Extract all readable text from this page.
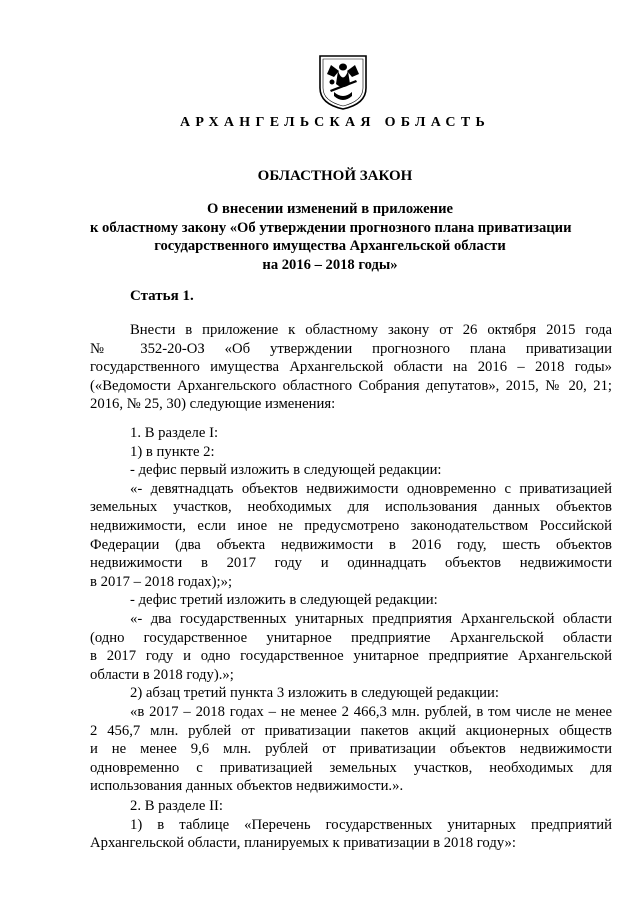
АРХАНГЕЛЬСКАЯ ОБЛАСТЬ
ОБЛАСТНОЙ ЗАКОН
О внесении изменений в приложение
к областному закону «Об утверждении прогнозного плана приватизации
государственного имущества Архангельской области
на 2016 – 2018 годы»
Статья 1.
Внести в приложение к областному закону от 26 октября 2015 года
№ 352-20-ОЗ «Об утверждении прогнозного плана приватизации
государственного имущества Архангельской области на 2016 – 2018 годы»
(«Ведомости Архангельского областного Собрания депутатов», 2015, № 20, 21;
2016, № 25, 30) следующие изменения:
1. В разделе I:
1) в пункте 2:
- дефис первый изложить в следующей редакции:
«- девятнадцать объектов недвижимости одновременно с приватизацией
земельных участков, необходимых для использования данных объектов
недвижимости, если иное не предусмотрено законодательством Российской
Федерации (два объекта недвижимости в 2016 году, шесть объектов
недвижимости в 2017 году и одиннадцать объектов недвижимости
в 2017 – 2018 годах);»;
- дефис третий изложить в следующей редакции:
«- два государственных унитарных предприятия Архангельской области
(одно государственное унитарное предприятие Архангельской области
в 2017 году и одно государственное унитарное предприятие Архангельской
области в 2018 году).»;
2) абзац третий пункта 3 изложить в следующей редакции:
«в 2017 – 2018 годах – не менее 2 466,3 млн. рублей, в том числе не менее
2 456,7 млн. рублей от приватизации пакетов акций акционерных обществ
и не менее 9,6 млн. рублей от приватизации объектов недвижимости
одновременно с приватизацией земельных участков, необходимых для
использования данных объектов недвижимости.».
2. В разделе II:
1) в таблице «Перечень государственных унитарных предприятий
Архангельской области, планируемых к приватизации в 2018 году»:
